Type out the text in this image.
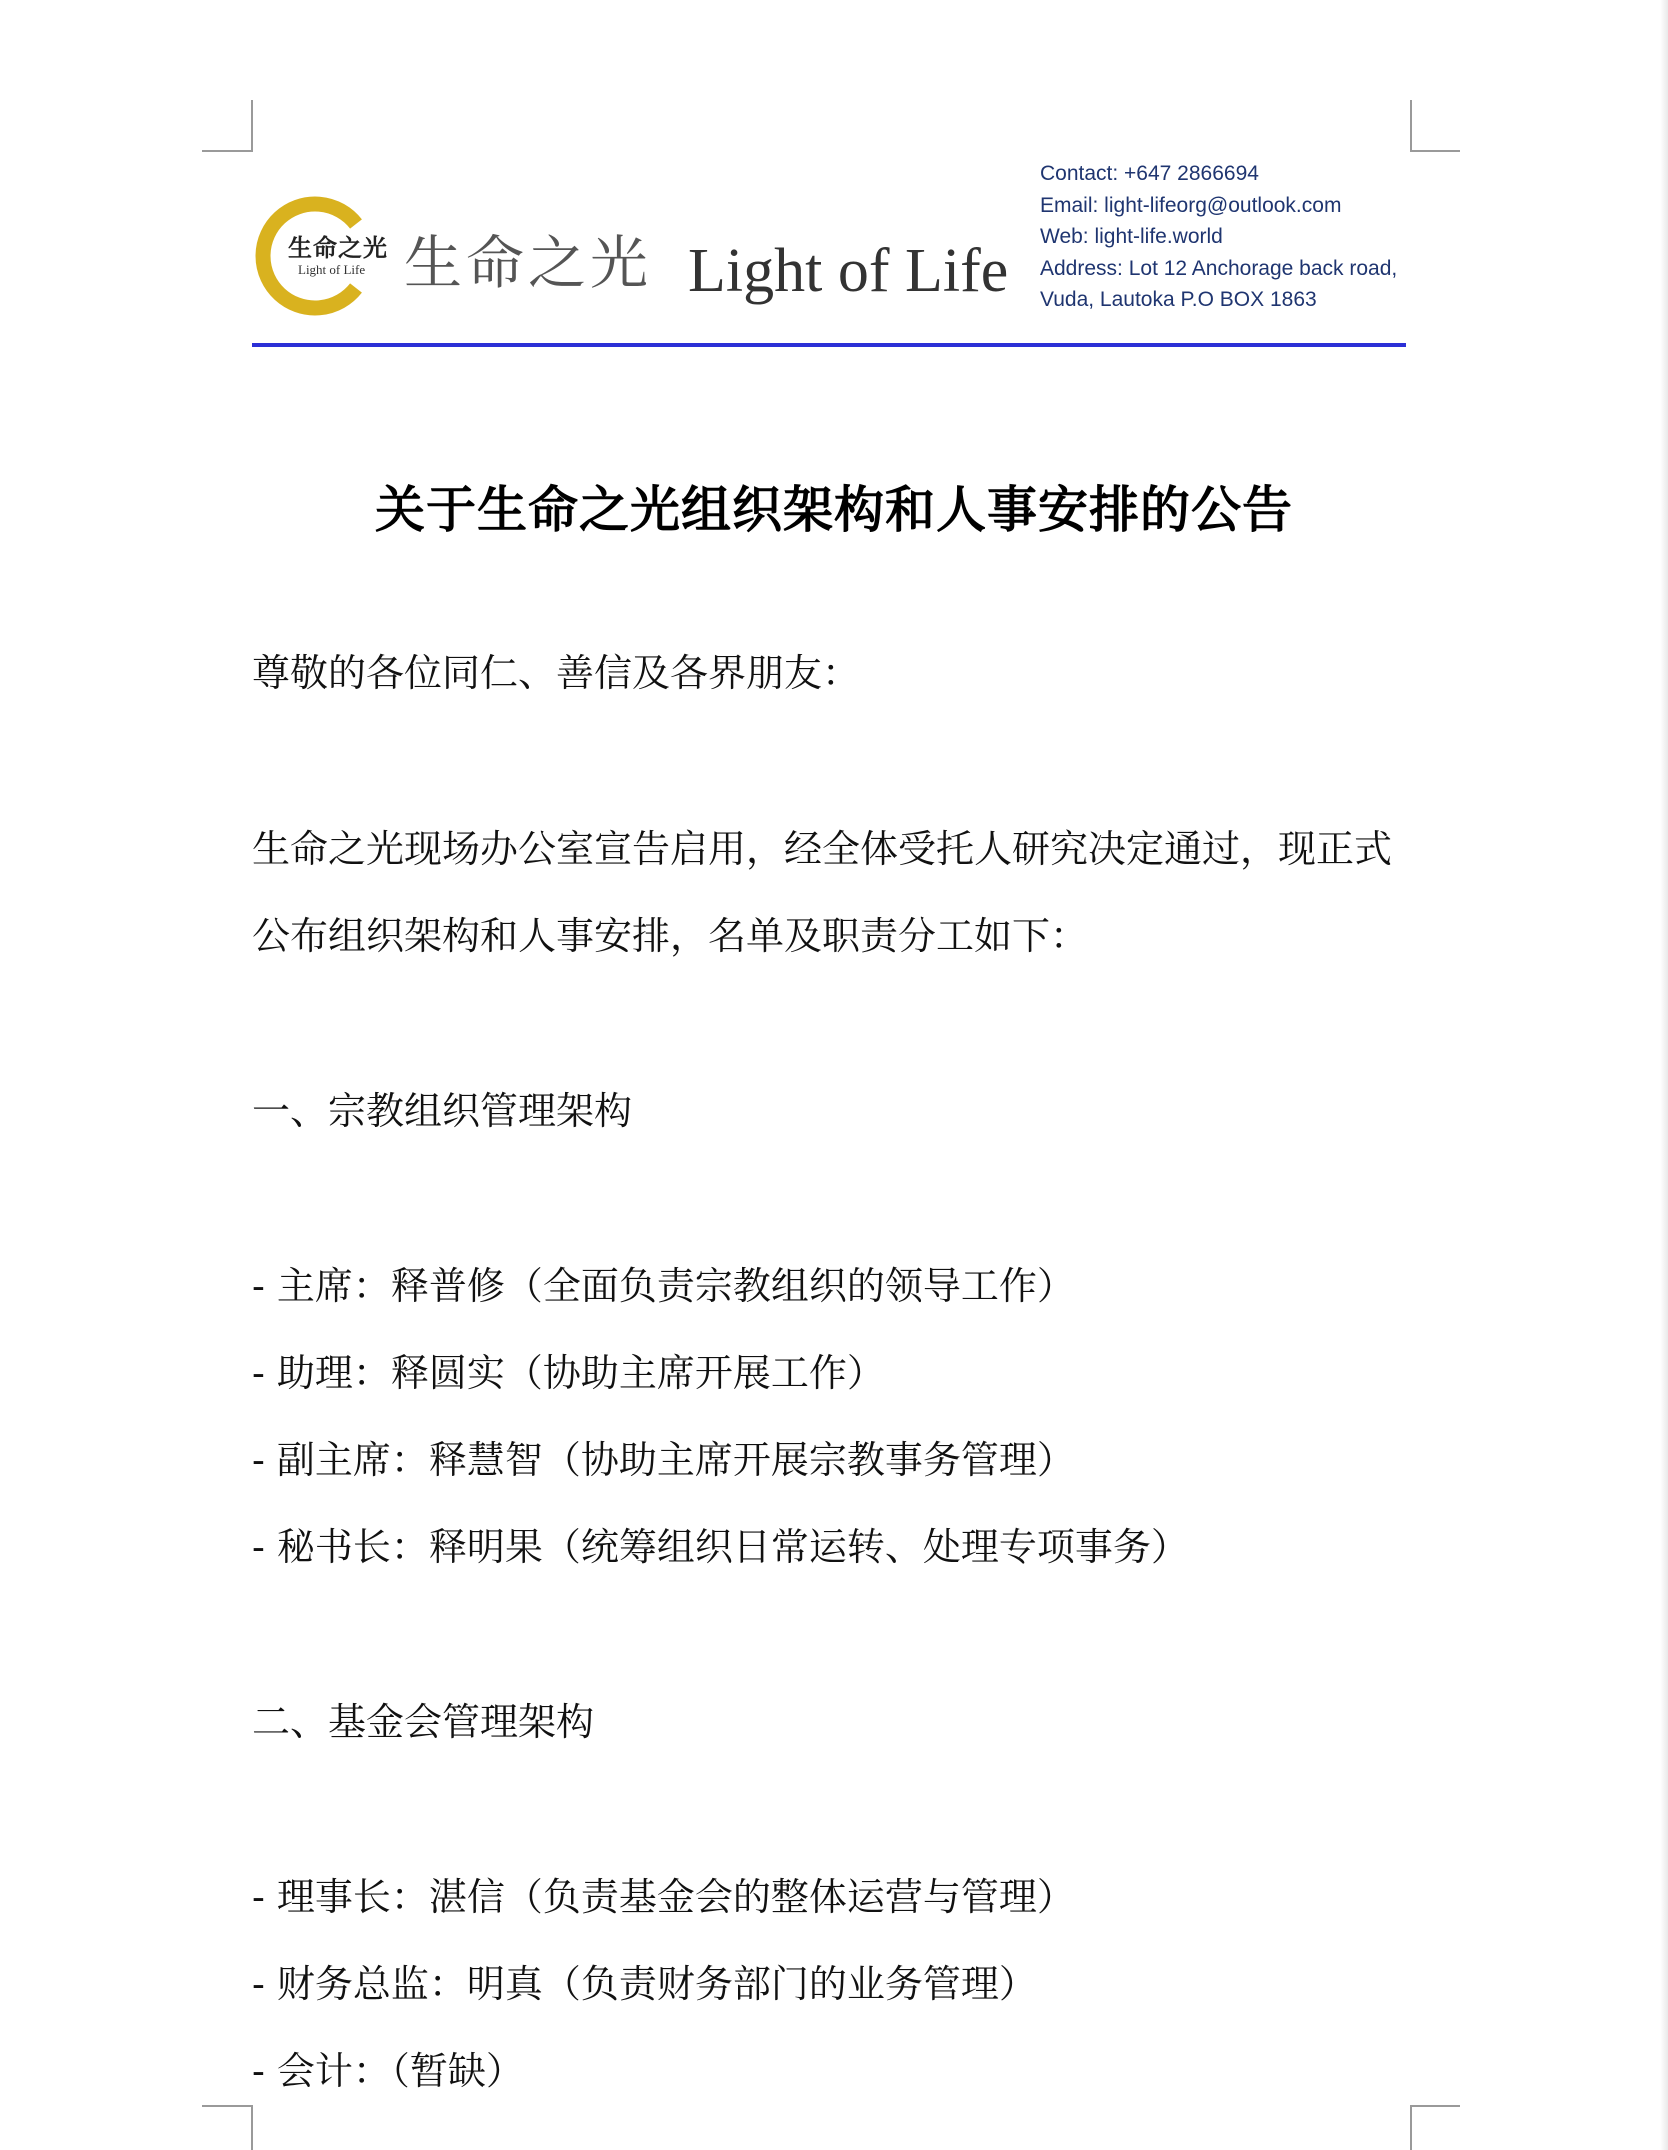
生命之光
Light of Life 生命之光 Light of Life
Contact: +647 2866694
Email: light-lifeorg@outlook.com
Web: light-life.world
Address: Lot 12 Anchorage back road,
Vuda, Lautoka P.O BOX 1863
关于生命之光组织架构和人事安排的公告
尊敬的各位同仁、善信及各界朋友：
生命之光现场办公室宣告启用，经全体受托人研究决定通过，现正式
公布组织架构和人事安排，名单及职责分工如下：
一、宗教组织管理架构
- 主席：释普修（全面负责宗教组织的领导工作）
- 助理：释圆实（协助主席开展工作）
- 副主席：释慧智（协助主席开展宗教事务管理）
- 秘书长：释明果（统筹组织日常运转、处理专项事务）
二、基金会管理架构
- 理事长：湛信（负责基金会的整体运营与管理）
- 财务总监：明真（负责财务部门的业务管理）
- 会计：（暂缺）
